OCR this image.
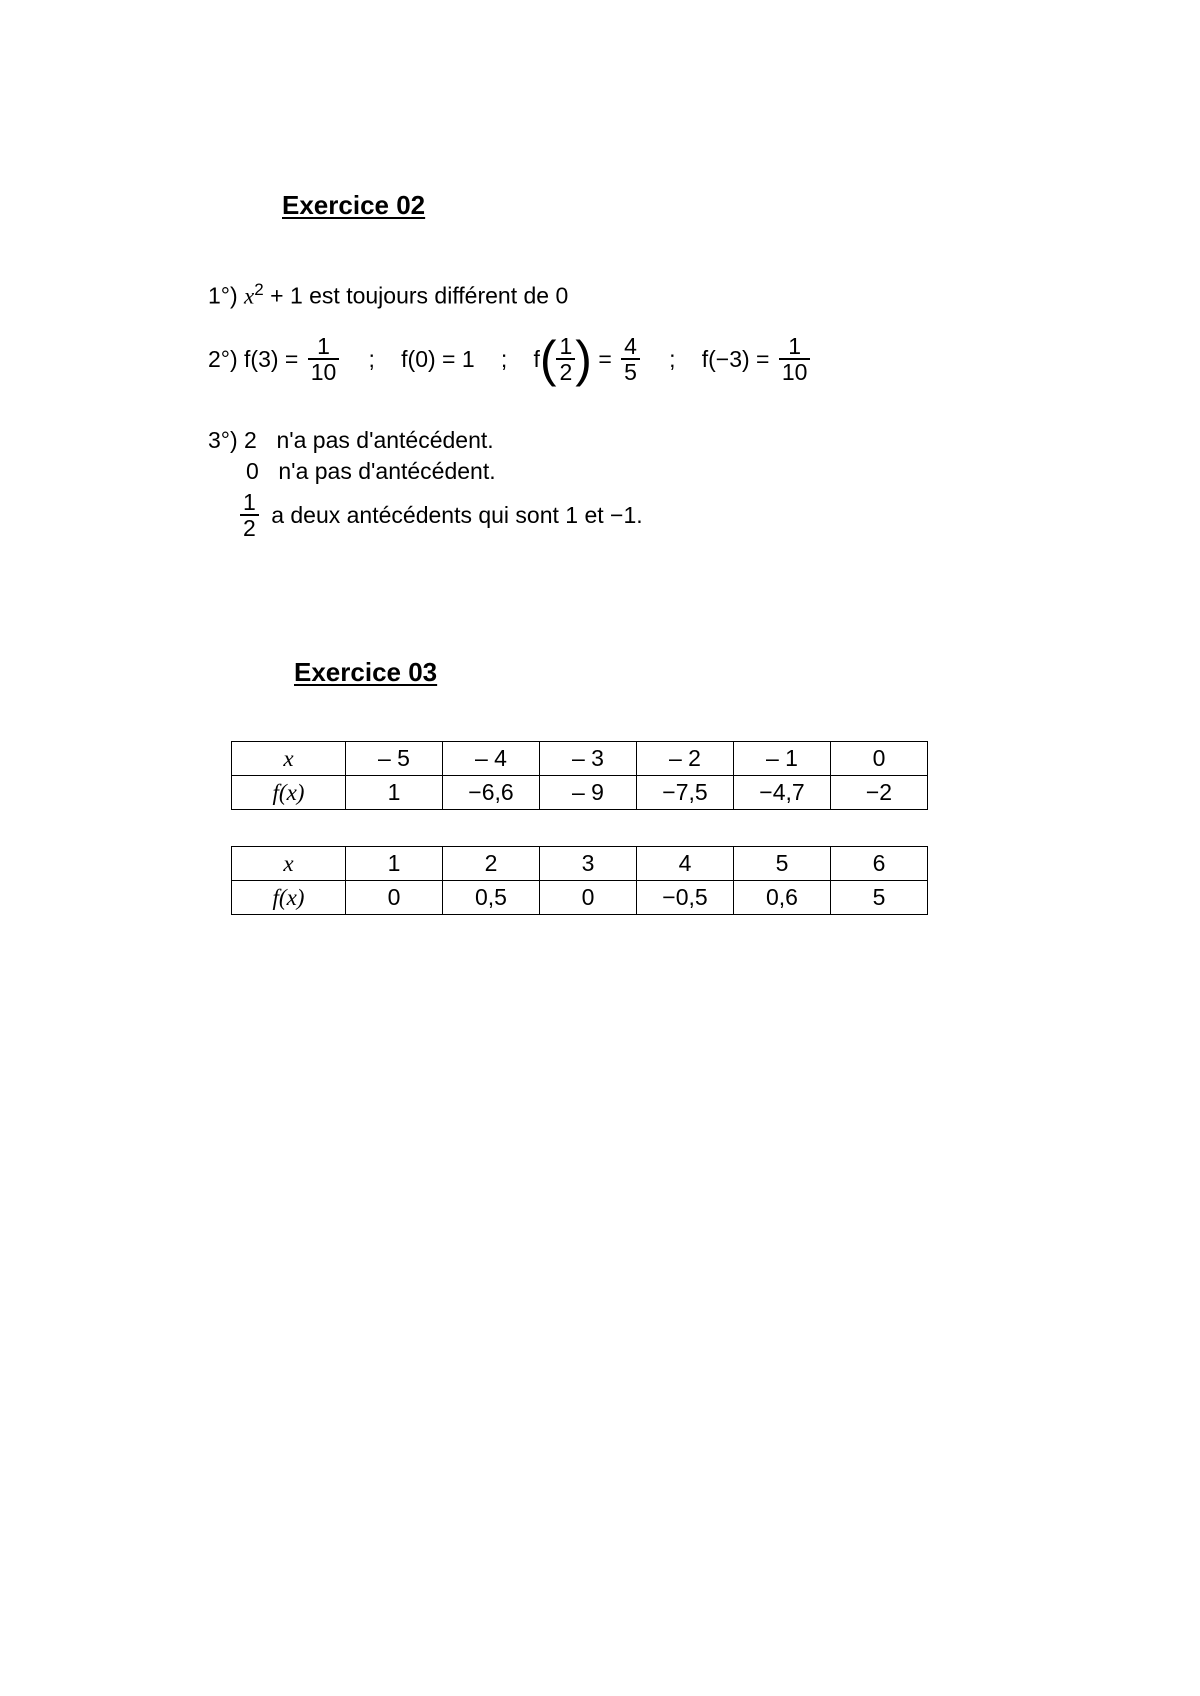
Exercice 02
1°) $x^2 + 1$ est toujours différent de 0
2°) $f(3) = \frac{1}{10}$ ; f(0) = 1 ; $f( \frac{1}{2}$ ) = $\frac{4}{5}$ ; $f(-3) = \frac{1}{10}$
3°) 2 n'a pas d'antécédent.
0 n'a pas d'antécédent.
$\frac{1}{2}$ a deux antécédents qui sont 1 et −1.
Exercice 03
x	– 5	– 4	– 3	– 2	– 1	0
f(x)	1	−6,6	– 9	−7,5	−4,7	−2
x	1	2	3	4	5	6
f(x)	0	0,5	0	−0,5	0,6	5
